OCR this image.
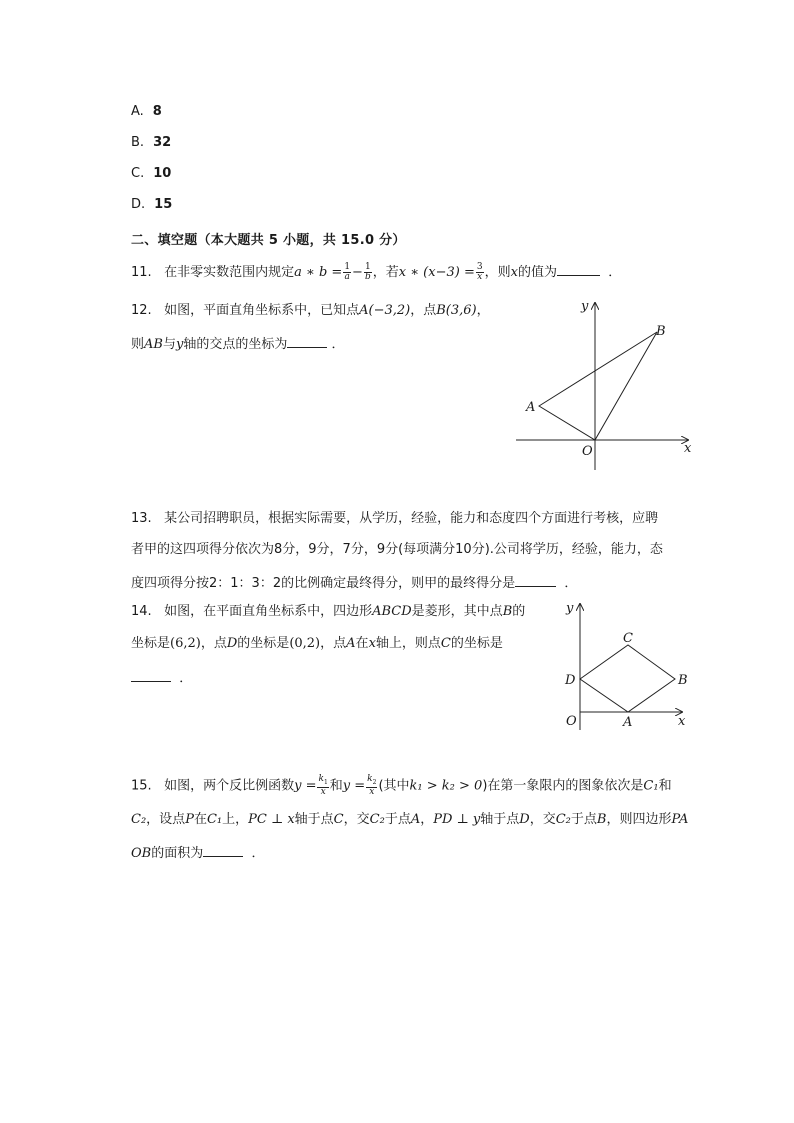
A. 8
B. 32
C. 10
D. 15
二、填空题（本大题共 5 小题，共 15.0 分）
11. 在非零实数范围内规定a ∗ $b = \frac{1}{a} - \frac{1}{b}$ ，若x ∗ $(x-3) = \frac{3}{x}$ ，则x的值为	．
12. 如图，平面直角坐标系中，已知点A(−3,2)，点B(3,6)，
则AB与y轴的交点的坐标为	．
A
B
O	x
y
13. 某公司招聘职员，根据实际需要，从学历，经验，能力和态度四个方面进行考核，应聘
者甲的这四项得分依次为8分，9分，7分，9分(每项满分10分).公司将学历，经验，能力，态
度四项得分按2：1：3：2的比例确定最终得分，则甲的最终得分是	．
14. 如图，在平面直角坐标系中，四边形ABCD是菱形，其中点B的
坐标是(6,2)，点D的坐标是(0,2)，点A在x轴上，则点C的坐标是
．
C
D	B
O	A	x
y
15. 如图，两个反比例函数$y = \frac{k_1}{x}$ 和$y = \frac{k_2}{x}$ (其中k₁ > k₂ > 0)在第一象限内的图象依次是C₁和
C₂，设点P在C₁上，PC ⊥ x轴于点C，交C₂于点A，PD ⊥ y轴于点D，交C₂于点B，则四边形PA
OB的面积为	．
